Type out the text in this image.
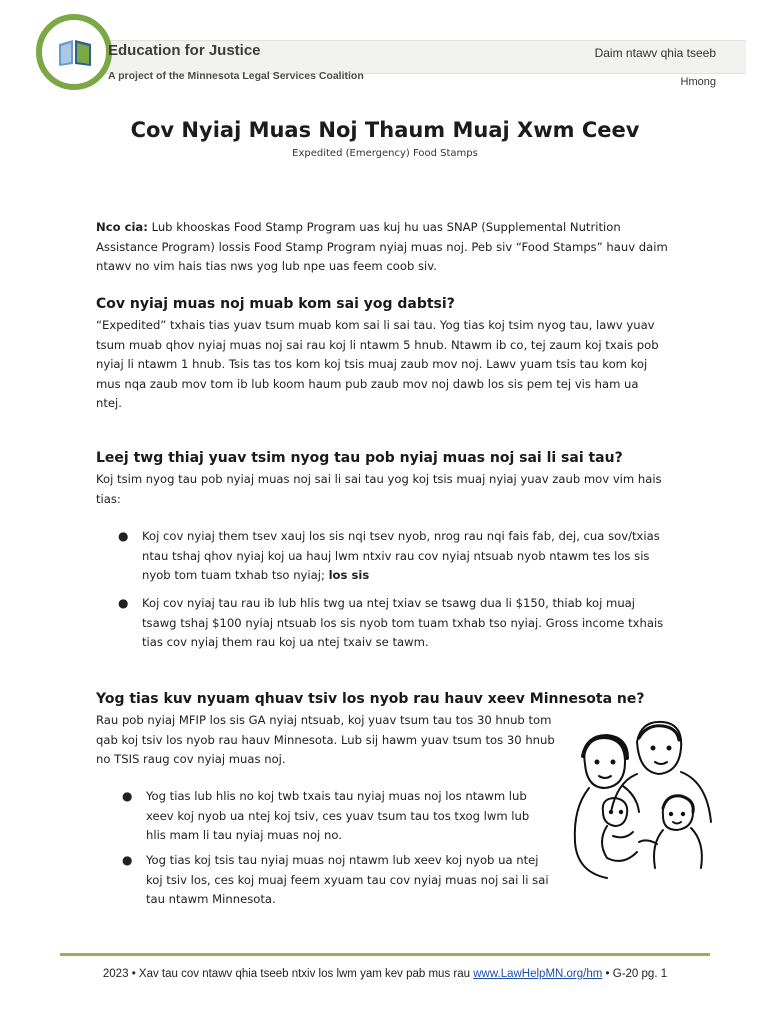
Education for Justice
A project of the Minnesota Legal Services Coalition
Daim ntawv qhia tseeb
Hmong
Cov Nyiaj Muas Noj Thaum Muaj Xwm Ceev
Expedited (Emergency) Food Stamps
Nco cia: Lub khooskas Food Stamp Program uas kuj hu uas SNAP (Supplemental Nutrition Assistance Program) lossis Food Stamp Program nyiaj muas noj. Peb siv “Food Stamps” hauv daim ntawv no vim hais tias nws yog lub npe uas feem coob siv.
Cov nyiaj muas noj muab kom sai yog dabtsi?
“Expedited” txhais tias yuav tsum muab kom sai li sai tau. Yog tias koj tsim nyog tau, lawv yuav tsum muab qhov nyiaj muas noj sai rau koj li ntawm 5 hnub. Ntawm ib co, tej zaum koj txais pob nyiaj li ntawm 1 hnub. Tsis tas tos kom koj tsis muaj zaub mov noj. Lawv yuam tsis tau kom koj mus nqa zaub mov tom ib lub koom haum pub zaub mov noj dawb los sis pem tej vis ham ua ntej.
Leej twg thiaj yuav tsim nyog tau pob nyiaj muas noj sai li sai tau?
Koj tsim nyog tau pob nyiaj muas noj sai li sai tau yog koj tsis muaj nyiaj yuav zaub mov vim hais tias:
● Koj cov nyiaj them tsev xauj los sis nqi tsev nyob, nrog rau nqi fais fab, dej, cua sov/txias ntau tshaj qhov nyiaj koj ua hauj lwm ntxiv rau cov nyiaj ntsuab nyob ntawm tes los sis nyob tom tuam txhab tso nyiaj; los sis
● Koj cov nyiaj tau rau ib lub hlis twg ua ntej txiav se tsawg dua li $150, thiab koj muaj tsawg tshaj $100 nyiaj ntsuab los sis nyob tom tuam txhab tso nyiaj. Gross income txhais tias cov nyiaj them rau koj ua ntej txaiv se tawm.
Yog tias kuv nyuam qhuav tsiv los nyob rau hauv xeev Minnesota ne?
Rau pob nyiaj MFIP los sis GA nyiaj ntsuab, koj yuav tsum tau tos 30 hnub tom qab koj tsiv los nyob rau hauv Minnesota. Lub sij hawm yuav tsum tos 30 hnub no TSIS raug cov nyiaj muas noj.
● Yog tias lub hlis no koj twb txais tau nyiaj muas noj los ntawm lub xeev koj nyob ua ntej koj tsiv, ces yuav tsum tau tos txog lwm lub hlis mam li tau nyiaj muas noj no.
● Yog tias koj tsis tau nyiaj muas noj ntawm lub xeev koj nyob ua ntej koj tsiv los, ces koj muaj feem xyuam tau cov nyiaj muas noj sai li sai tau ntawm Minnesota.
2023 • Xav tau cov ntawv qhia tseeb ntxiv los lwm yam kev pab mus rau www.LawHelpMN.org/hm • G-20 pg. 1
